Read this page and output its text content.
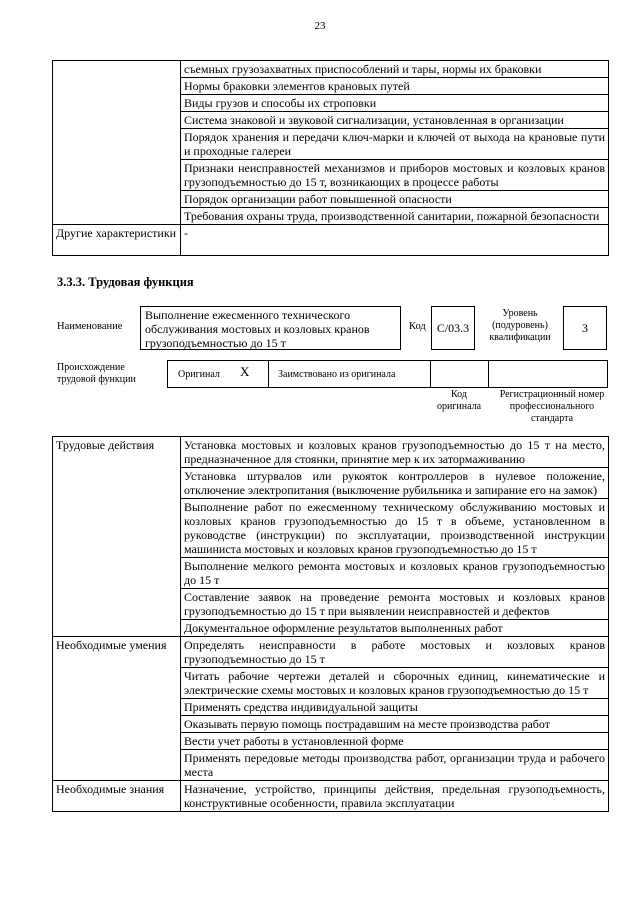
23
съемных грузозахватных приспособлений и тары, нормы их браковки
Нормы браковки элементов крановых путей
Виды грузов и способы их строповки
Система знаковой и звуковой сигнализации, установленная в организации
Порядок хранения и передачи ключ-марки и ключей от выхода на крановые пути и проходные галереи
Признаки неисправностей механизмов и приборов мостовых и козловых кранов грузоподъемностью до 15 т, возникающих в процессе работы
Порядок организации работ повышенной опасности
Требования охраны труда, производственной санитарии, пожарной безопасности
Другие характеристики -
3.3.3. Трудовая функция
Наименование
Выполнение ежесменного технического обслуживания мостовых и козловых кранов грузоподъемностью до 15 т
Код C/03.3
Уровень (подуровень) квалификации
3
Происхождение трудовой функции	Оригинал X	Заимствовано из оригинала
Код оригинала
Регистрационный номер профессионального стандарта
Трудовые действия	Установка мостовых и козловых кранов грузоподъемностью до 15 т на место, предназначенное для стоянки, принятие мер к их затормаживанию
Установка штурвалов или рукояток контроллеров в нулевое положение, отключение электропитания (выключение рубильника и запирание его на замок)
Выполнение работ по ежесменному техническому обслуживанию мостовых и козловых кранов грузоподъемностью до 15 т в объеме, установленном в руководстве (инструкции) по эксплуатации, производственной инструкции машиниста мостовых и козловых кранов грузоподъемностью до 15 т
Выполнение мелкого ремонта мостовых и козловых кранов грузоподъемностью до 15 т
Составление заявок на проведение ремонта мостовых и козловых кранов грузоподъемностью до 15 т при выявлении неисправностей и дефектов
Документальное оформление результатов выполненных работ
Необходимые умения	Определять неисправности в работе мостовых и козловых кранов грузоподъемностью до 15 т
Читать рабочие чертежи деталей и сборочных единиц, кинематические и электрические схемы мостовых и козловых кранов грузоподъемностью до 15 т
Применять средства индивидуальной защиты
Оказывать первую помощь пострадавшим на месте производства работ
Вести учет работы в установленной форме
Применять передовые методы производства работ, организации труда и рабочего места
Необходимые знания	Назначение, устройство, принципы действия, предельная грузоподъемность, конструктивные особенности, правила эксплуатации
